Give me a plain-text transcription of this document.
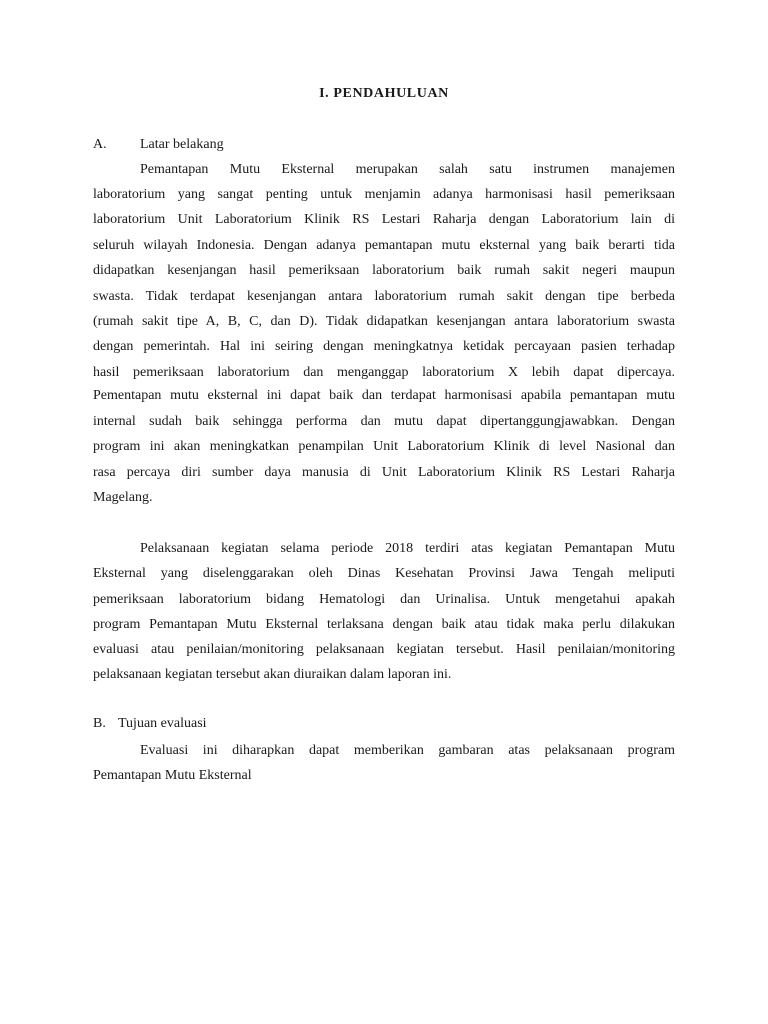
I. PENDAHULUAN
A. Latar belakang
Pemantapan Mutu Eksternal merupakan salah satu instrumen manajemen
laboratorium yang sangat penting untuk menjamin adanya harmonisasi hasil pemeriksaan
laboratorium Unit Laboratorium Klinik RS Lestari Raharja dengan Laboratorium lain di
seluruh wilayah Indonesia. Dengan adanya pemantapan mutu eksternal yang baik berarti tida
didapatkan kesenjangan hasil pemeriksaan laboratorium baik rumah sakit negeri maupun
swasta. Tidak terdapat kesenjangan antara laboratorium rumah sakit dengan tipe berbeda
(rumah sakit tipe A, B, C, dan D). Tidak didapatkan kesenjangan antara laboratorium swasta
dengan pemerintah. Hal ini seiring dengan meningkatnya ketidak percayaan pasien terhadap
hasil pemeriksaan laboratorium dan menganggap laboratorium X lebih dapat dipercaya.
Pementapan mutu eksternal ini dapat baik dan terdapat harmonisasi apabila pemantapan mutu
internal sudah baik sehingga performa dan mutu dapat dipertanggungjawabkan. Dengan
program ini akan meningkatkan penampilan Unit Laboratorium Klinik di level Nasional dan
rasa percaya diri sumber daya manusia di Unit Laboratorium Klinik RS Lestari Raharja
Magelang.
Pelaksanaan kegiatan selama periode 2018 terdiri atas kegiatan Pemantapan Mutu
Eksternal yang diselenggarakan oleh Dinas Kesehatan Provinsi Jawa Tengah meliputi
pemeriksaan laboratorium bidang Hematologi dan Urinalisa. Untuk mengetahui apakah
program Pemantapan Mutu Eksternal terlaksana dengan baik atau tidak maka perlu dilakukan
evaluasi atau penilaian/monitoring pelaksanaan kegiatan tersebut. Hasil penilaian/monitoring
pelaksanaan kegiatan tersebut akan diuraikan dalam laporan ini.
B. Tujuan evaluasi
Evaluasi ini diharapkan dapat memberikan gambaran atas pelaksanaan program
Pemantapan Mutu Eksternal
